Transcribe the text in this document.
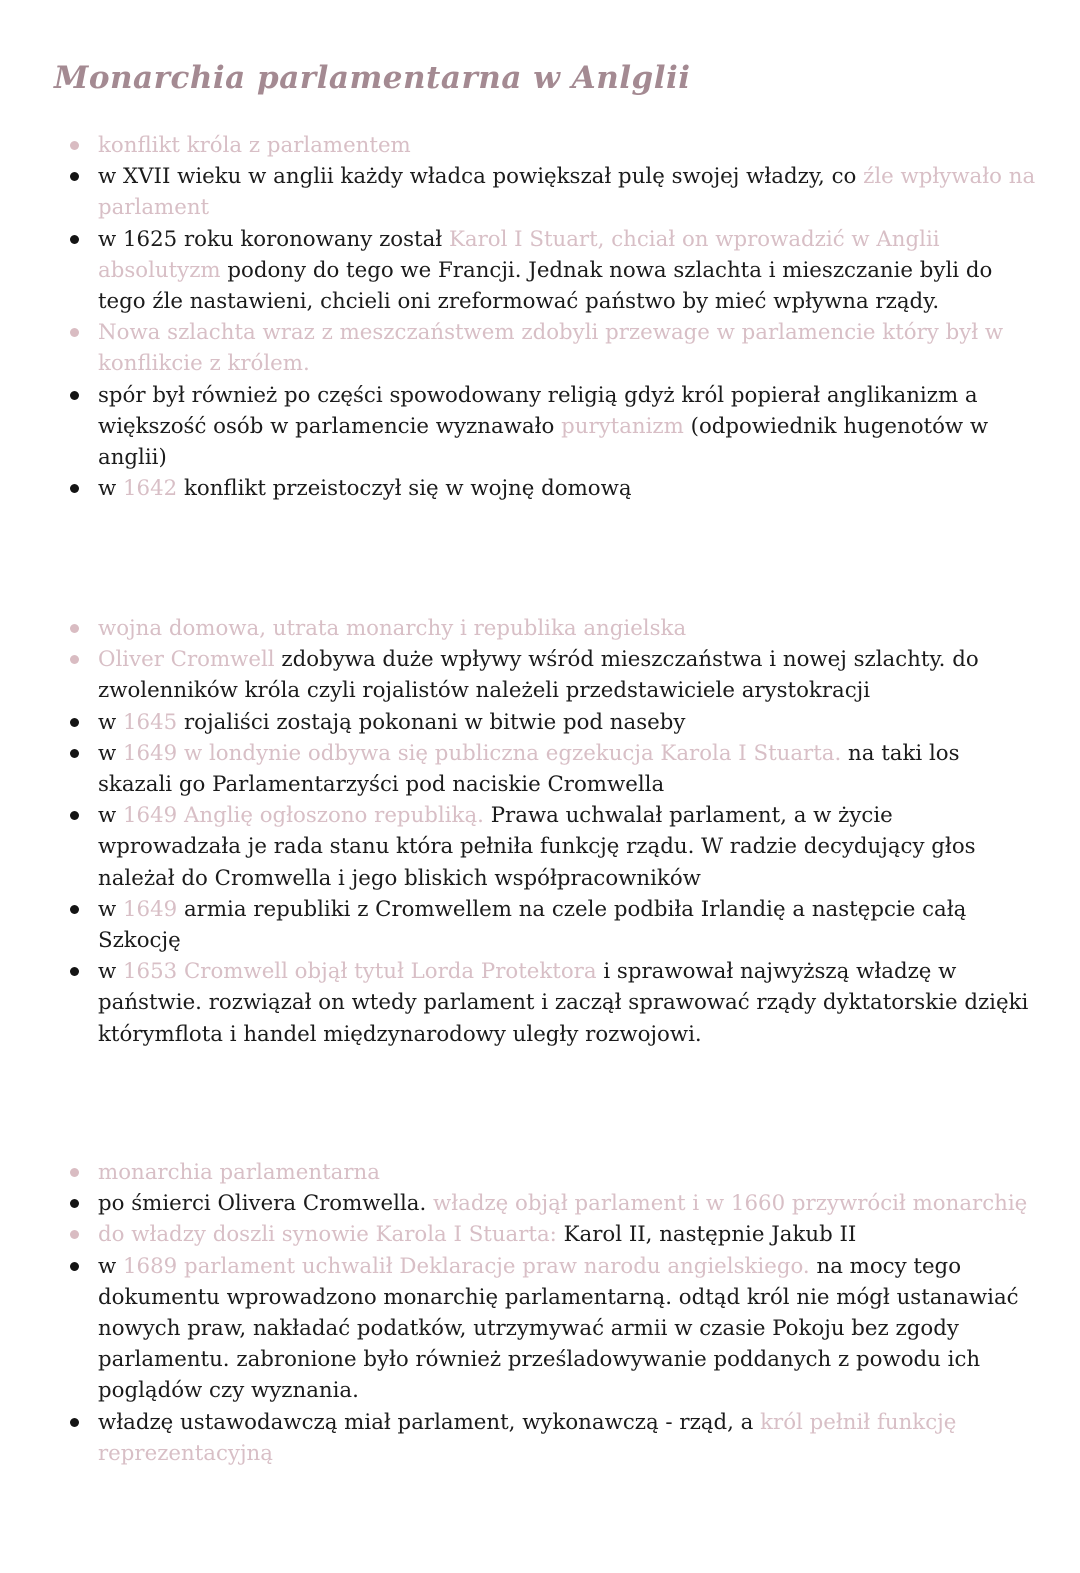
Monarchia parlamentarna w Anlglii
konflikt króla z parlamentem
w XVII wieku w anglii każdy władca powiększał pulę swojej władzy, co źle wpływało na parlament
w 1625 roku koronowany został Karol I Stuart, chciał on wprowadzić w Anglii absolutyzm podony do tego we Francji. Jednak nowa szlachta i mieszczanie byli do tego źle nastawieni, chcieli oni zreformować państwo by mieć wpływna rządy.
Nowa szlachta wraz z meszczaństwem zdobyli przewage w parlamencie który był w konflikcie z królem.
spór był również po części spowodowany religią gdyż król popierał anglikanizm a większość osób w parlamencie wyznawało purytanizm (odpowiednik hugenotów w anglii)
w 1642 konflikt przeistoczył się w wojnę domową
wojna domowa, utrata monarchy i republika angielska
Oliver Cromwell zdobywa duże wpływy wśród mieszczaństwa i nowej szlachty. do zwolenników króla czyli rojalistów należeli przedstawiciele arystokracji
w 1645 rojaliści zostają pokonani w bitwie pod naseby
w 1649 w londynie odbywa się publiczna egzekucja Karola I Stuarta. na taki los skazali go Parlamentarzyści pod naciskie Cromwella
w 1649 Anglię ogłoszono republiką. Prawa uchwalał parlament, a w życie wprowadzała je rada stanu która pełniła funkcję rządu. W radzie decydujący głos należał do Cromwella i jego bliskich współpracowników
w 1649 armia republiki z Cromwellem na czele podbiła Irlandię a nastęрcie całą Szkocję
w 1653 Cromwell objął tytuł Lorda Protektora i sprawował najwyższą władzę w państwie. rozwiązał on wtedy parlament i zaczął sprawować rządy dyktatorskie dzięki którymflota i handel międzynarodowy uległy rozwojowi.
monarchia parlamentarna
po śmierci Olivera Cromwella. władzę objął parlament i w 1660 przywrócił monarchię
do władzy doszli synowie Karola I Stuarta: Karol II, następnie Jakub II
w 1689 parlament uchwalił Deklaracje praw narodu angielskiego. na mocy tego dokumentu wprowadzono monarchię parlamentarną. odtąd król nie mógł ustanawiać nowych praw, nakładać podatków, utrzymywać armii w czasie Pokoju bez zgody parlamentu. zabronione było również prześladowywanie poddanych z powodu ich poglądów czy wyznania.
władzę ustawodawczą miał parlament, wykonawczą - rząd, a król pełnił funkcję reprezentacyjną
